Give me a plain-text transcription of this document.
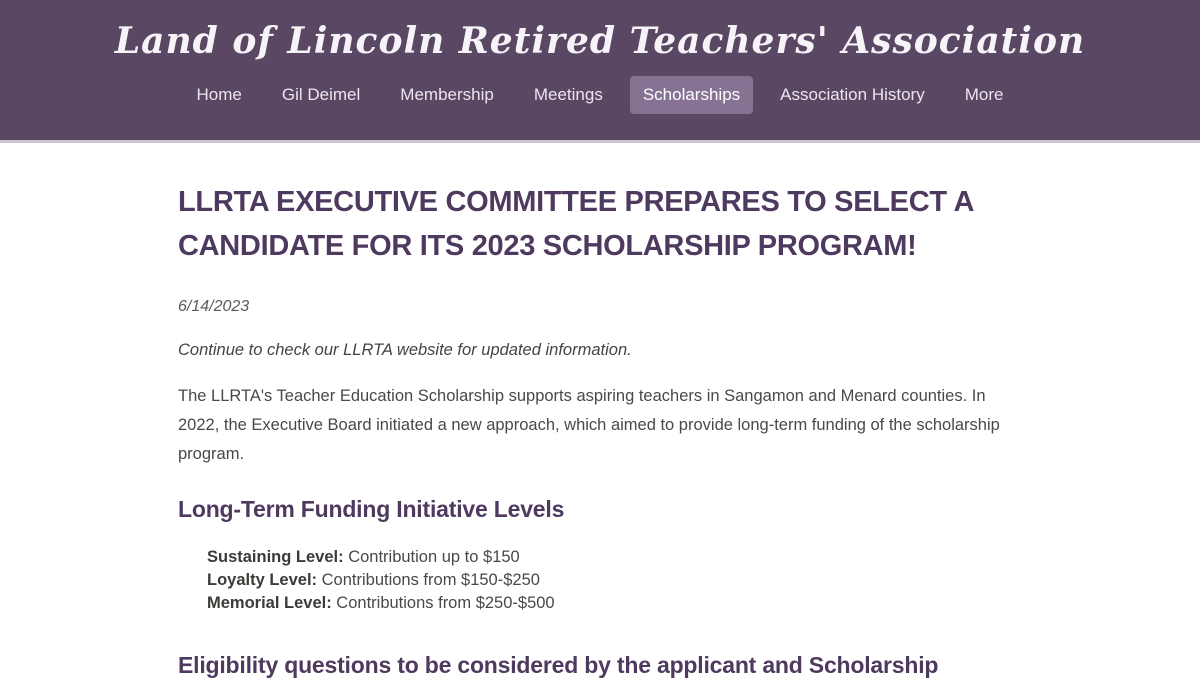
Land of Lincoln Retired Teachers' Association
Home	Gil Deimel	Membership	Meetings	Scholarships	Association History	More
LLRTA EXECUTIVE COMMITTEE PREPARES TO SELECT A CANDIDATE FOR ITS 2023 SCHOLARSHIP PROGRAM!
6/14/2023
Continue to check our LLRTA website for updated information.

The LLRTA's Teacher Education Scholarship supports aspiring teachers in Sangamon and Menard counties. In 2022, the Executive Board initiated a new approach, which aimed to provide long-term funding of the scholarship program.

Long-Term Funding Initiative Levels
Sustaining Level: Contribution up to $150
Loyalty Level: Contributions from $150-$250
Memorial Level: Contributions from $250-$500
Eligibility questions to be considered by the applicant and Scholarship
